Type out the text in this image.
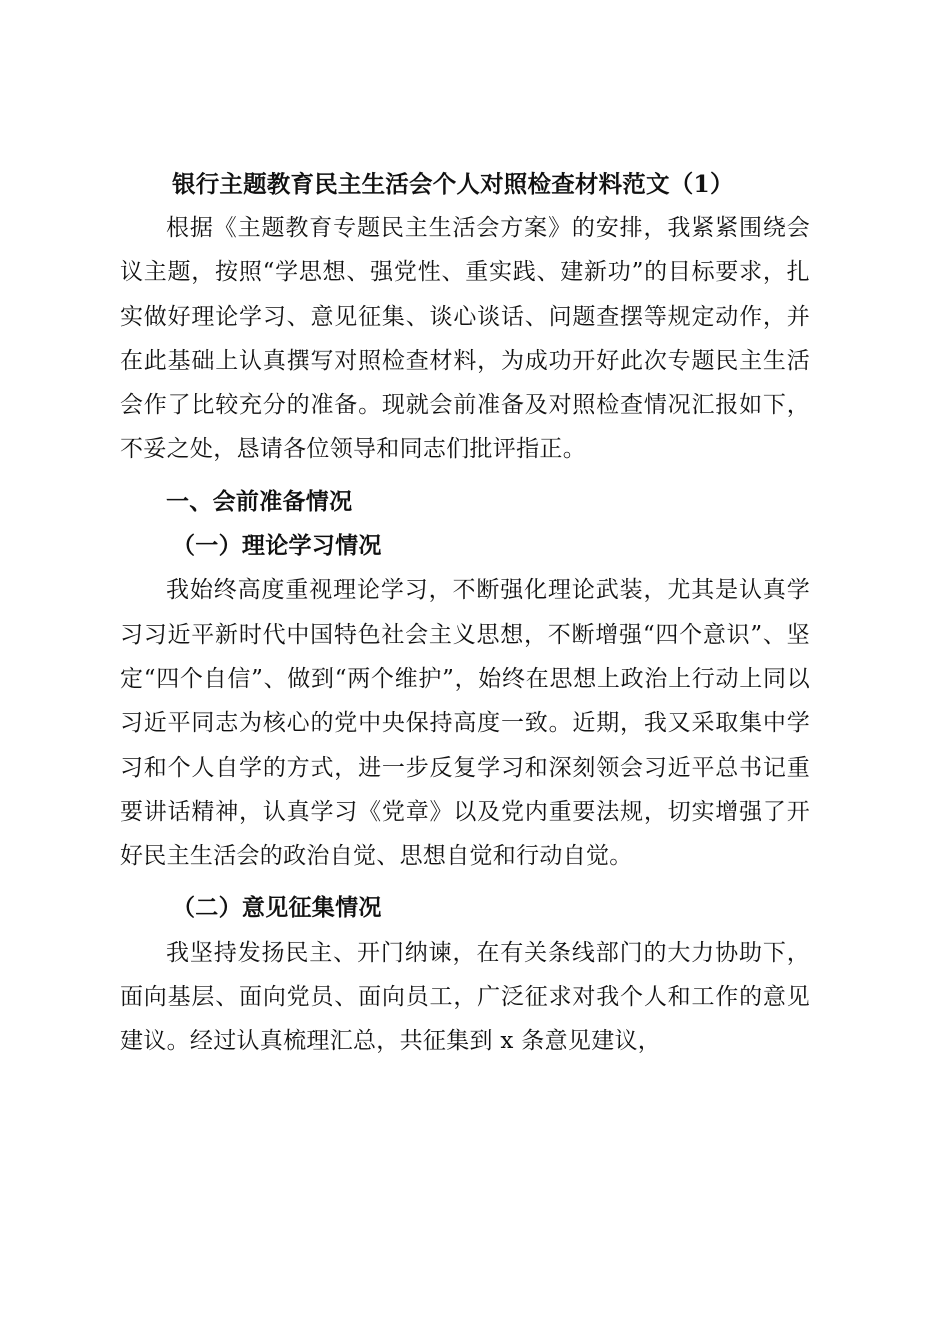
银行主题教育民主生活会个人对照检查材料范文（1）

根据《主题教育专题民主生活会方案》的安排，我紧紧围绕会议主题，按照“学思想、强党性、重实践、建新功”的目标要求，扎实做好理论学习、意见征集、谈心谈话、问题查摆等规定动作，并在此基础上认真撰写对照检查材料，为成功开好此次专题民主生活会作了比较充分的准备。现就会前准备及对照检查情况汇报如下，不妥之处，恳请各位领导和同志们批评指正。

一、会前准备情况

（一）理论学习情况

我始终高度重视理论学习，不断强化理论武装，尤其是认真学习习近平新时代中国特色社会主义思想，不断增强“四个意识”、坚定“四个自信”、做到“两个维护”，始终在思想上政治上行动上同以习近平同志为核心的党中央保持高度一致。近期，我又采取集中学习和个人自学的方式，进一步反复学习和深刻领会习近平总书记重要讲话精神，认真学习《党章》以及党内重要法规，切实增强了开好民主生活会的政治自觉、思想自觉和行动自觉。

（二）意见征集情况

我坚持发扬民主、开门纳谏，在有关条线部门的大力协助下，面向基层、面向党员、面向员工，广泛征求对我个人和工作的意见建议。经过认真梳理汇总，共征集到 x 条意见建议，
